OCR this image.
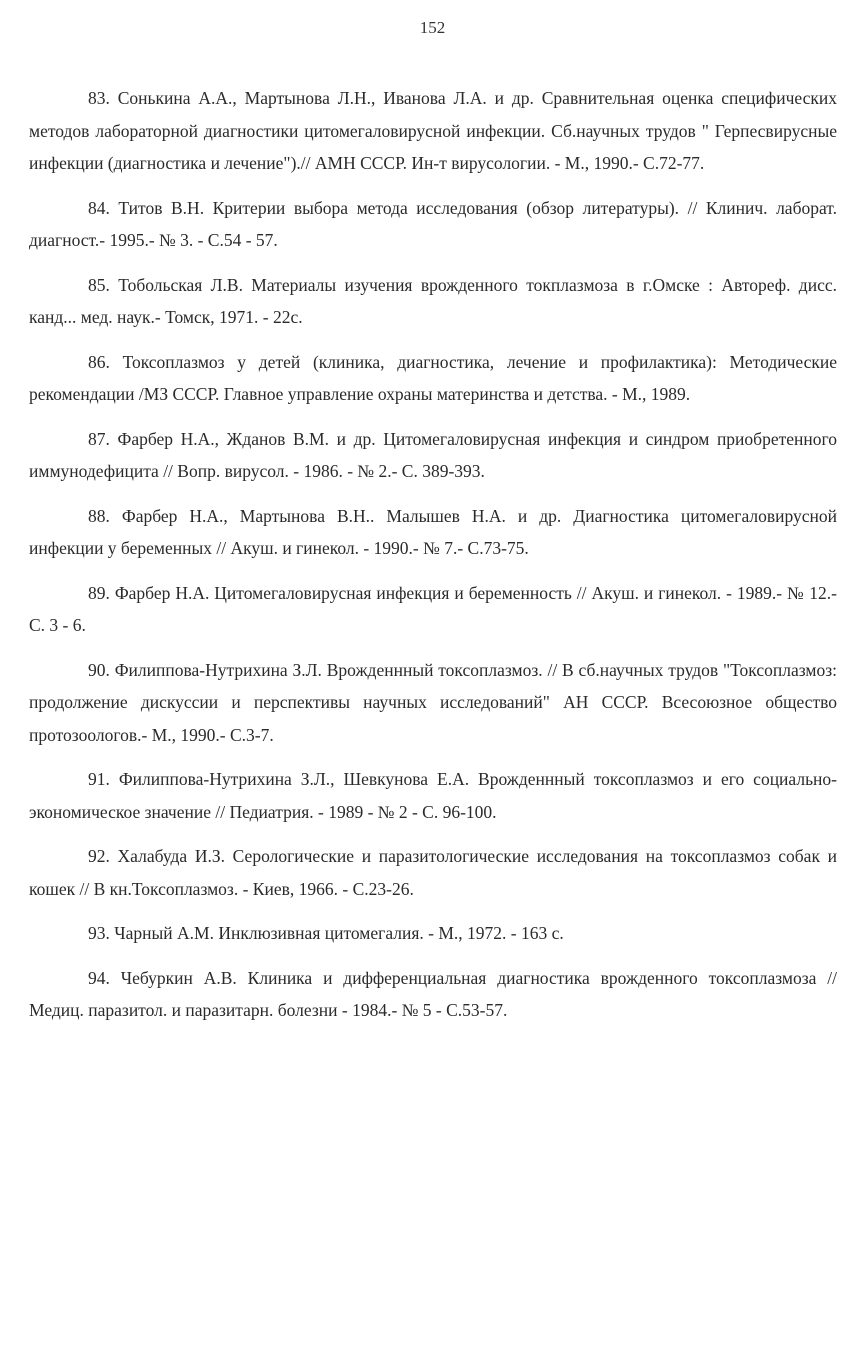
152

83. Сонькина А.А., Мартынова Л.Н., Иванова Л.А. и др. Сравнительная оценка специфических методов лабораторной диагностики цитомегаловирусной инфекции. Сб.научных трудов " Герпесвирусные инфекции (диагностика и лечение").// АМН СССР. Ин-т вирусологии. - М., 1990.- С.72-77.

84. Титов В.Н. Критерии выбора метода исследования (обзор литературы). // Клинич. лаборат. диагност.- 1995.- № 3. - С.54 - 57.

85. Тобольская Л.В. Материалы изучения врожденного токплазмоза в г.Омске : Автореф. дисс. канд... мед. наук.- Томск, 1971. - 22с.

86. Токсоплазмоз у детей (клиника, диагностика, лечение и профилактика): Методические рекомендации /МЗ СССР. Главное управление охраны материнства и детства. - М., 1989.

87. Фарбер Н.А., Жданов В.М. и др. Цитомегаловирусная инфекция и синдром приобретенного иммунодефицита // Вопр. вирусол. - 1986. - № 2.- С. 389-393.

88. Фарбер Н.А., Мартынова В.Н.. Малышев Н.А. и др. Диагностика цитомегаловирусной инфекции у беременных // Акуш. и гинекол. - 1990.- № 7.- С.73-75.

89. Фарбер Н.А. Цитомегаловирусная инфекция и беременность // Акуш. и гинекол. - 1989.- № 12.- С. 3 - 6.

90. Филиппова-Нутрихина З.Л. Врожденнный токсоплазмоз. // В сб.научных трудов "Токсоплазмоз: продолжение дискуссии и перспективы научных исследований" АН СССР. Всесоюзное общество протозоологов.- М., 1990.- С.3-7.

91. Филиппова-Нутрихина З.Л., Шевкунова Е.А. Врожденнный токсоплазмоз и его социально-экономическое значение // Педиатрия. - 1989 - № 2 - С. 96-100.

92. Халабуда И.З. Серологические и паразитологические исследования на токсоплазмоз собак и кошек // В кн.Токсоплазмоз. - Киев, 1966. - С.23-26.

93. Чарный А.М. Инклюзивная цитомегалия. - М., 1972. - 163 с.

94. Чебуркин А.В. Клиника и дифференциальная диагностика врожденного токсоплазмоза // Медиц. паразитол. и паразитарн. болезни - 1984.- № 5 - С.53-57.
